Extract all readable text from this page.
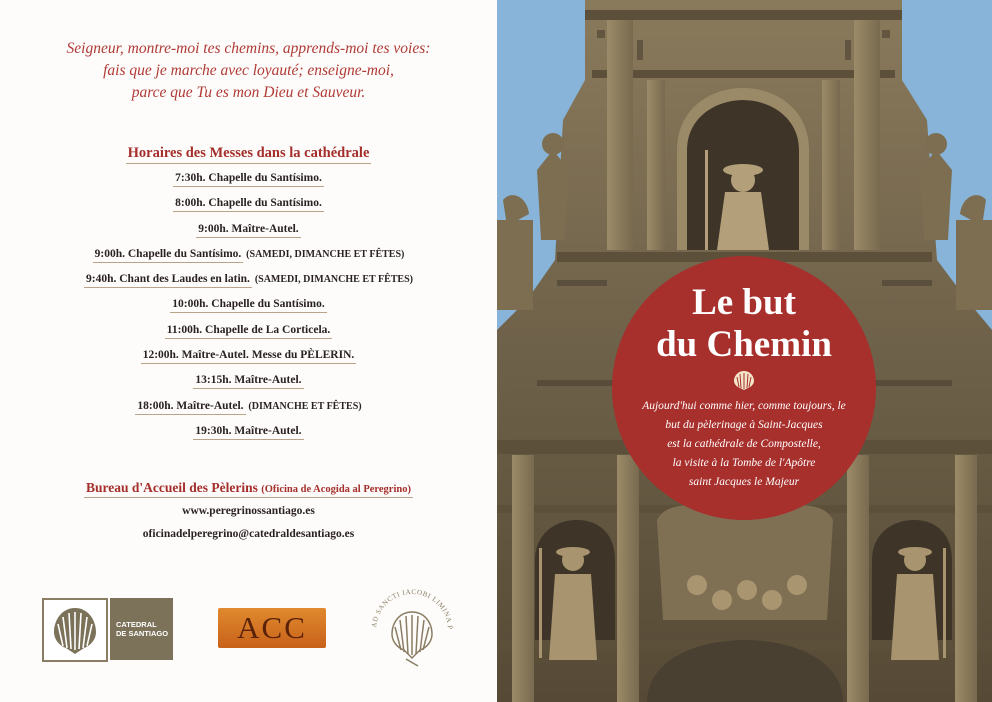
Seigneur, montre-moi tes chemins, apprends-moi tes voies:
fais que je marche avec loyauté; enseigne-moi,
parce que Tu es mon Dieu et Sauveur.
Horaires des Messes dans la cathédrale
7:30h. Chapelle du Santísimo.
8:00h. Chapelle du Santísimo.
9:00h. Maître-Autel.
9:00h. Chapelle du Santísimo. (SAMEDI, DIMANCHE ET FÊTES)
9:40h. Chant des Laudes en latin. (SAMEDI, DIMANCHE ET FÊTES)
10:00h. Chapelle du Santísimo.
11:00h. Chapelle de La Corticela.
12:00h. Maître-Autel. Messe du PÈLERIN.
13:15h. Maître-Autel.
18:00h. Maître-Autel. (DIMANCHE ET FÊTES)
19:30h. Maître-Autel.
Bureau d'Accueil des Pèlerins (Oficina de Acogida al Peregrino)
www.peregrinossantiago.es
oficinadelperegrino@catedraldesantiago.es
CATEDRAL
DE SANTIAGO	ACC	AD SANCTI IACOBI LIMINA P
Le but
du Chemin
Aujourd'hui comme hier, comme toujours, le
but du pèlerinage à Saint-Jacques
est la cathédrale de Compostelle,
la visite à la Tombe de l'Apôtre
saint Jacques le Majeur
